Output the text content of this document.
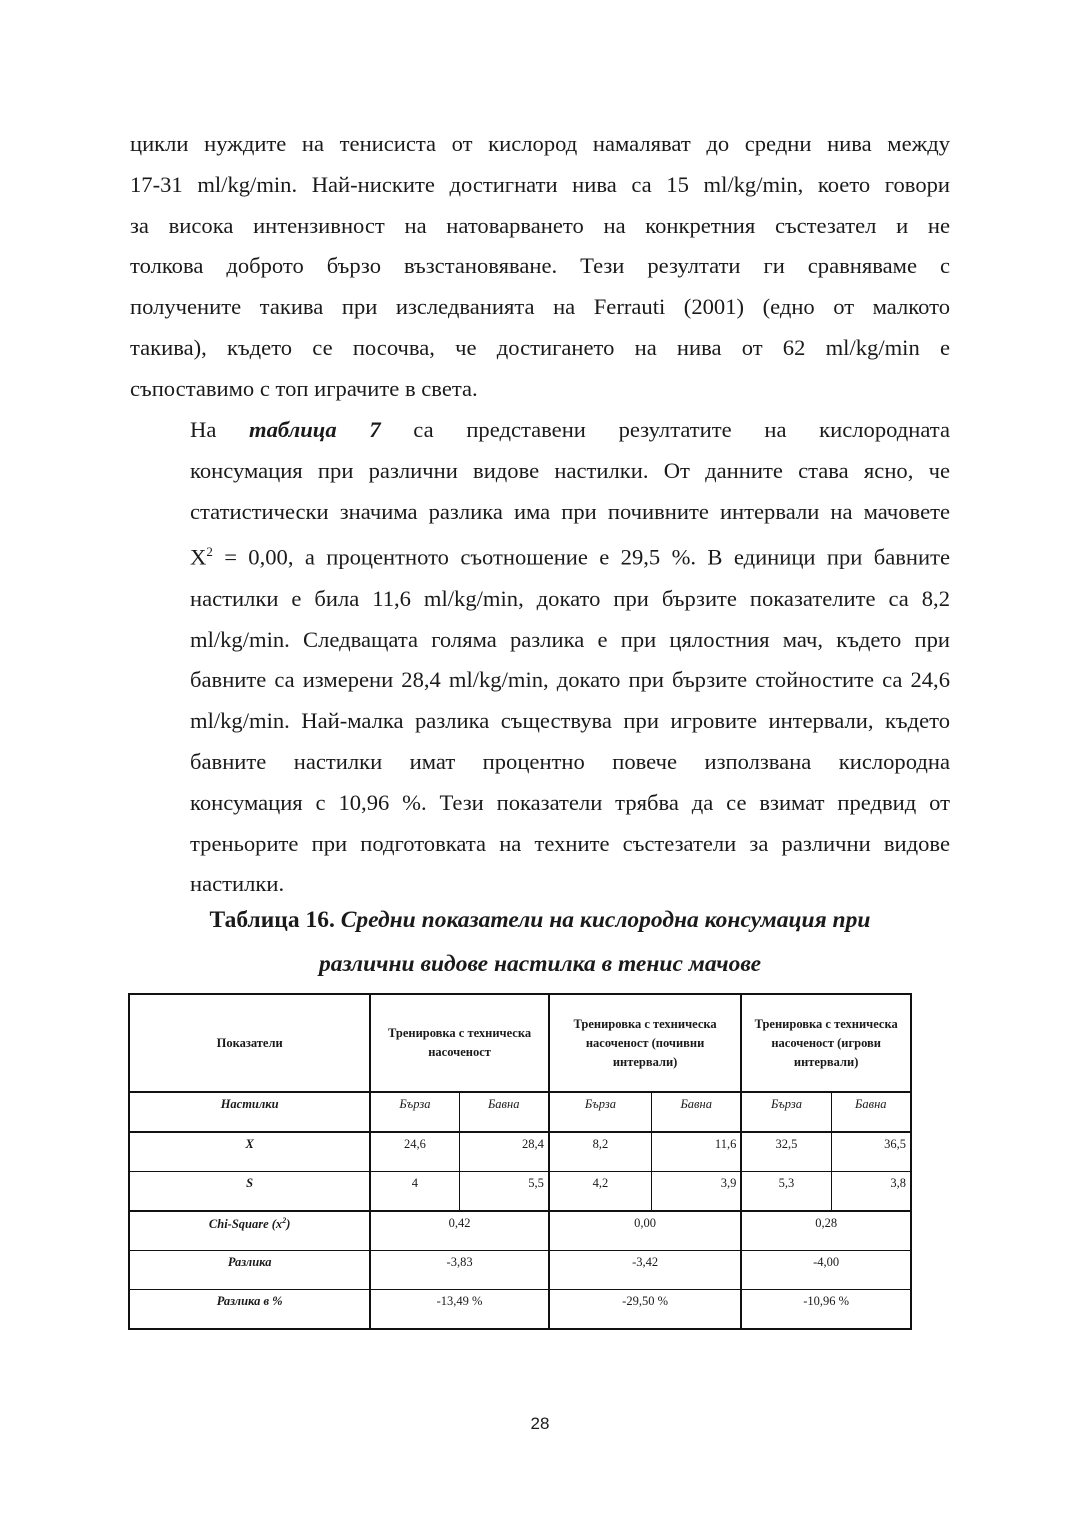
цикли нуждите на тенисиста от кислород намаляват до средни нива между
17-31 ml/kg/min. Най-ниските достигнати нива са 15 ml/kg/min, което говори
за висока интензивност на натоварването на конкретния състезател и не
толкова доброто бързо възстановяване. Тези резултати ги сравняваме с
получените такива при изследванията на Ferrauti (2001) (едно от малкото
такива), където се посочва, че достигането на нива от 62 ml/kg/min е
съпоставимо с топ играчите в света.
На таблица 7 са представени резултатите на кислородната
консумация при различни видове настилки. От данните става ясно, че
статистически значима разлика има при почивните интервали на мачовете
$X^2 = 0,00$, а процентното съотношение е 29,5 %. В единици при бавните
настилки е била 11,6 ml/kg/min, докато при бързите показателите са 8,2
ml/kg/min. Следващата голяма разлика е при цялостния мач, където при
бавните са измерени 28,4 ml/kg/min, докато при бързите стойностите са 24,6
ml/kg/min. Най-малка разлика съществува при игровите интервали, където
бавните настилки имат процентно повече използвана кислородна
консумация с 10,96 %. Тези показатели трябва да се взимат предвид от
треньорите при подготовката на техните състезатели за различни видове
настилки.
Таблица 16. Средни показатели на кислородна консумация при
различни видове настилка в тенис мачове
Показатели	Тренировка с техническа насоченост		Тренировка с техническа насоченост (почивни интервали)		Тренировка с техническа насоченост (игрови интервали)	
Настилки	Бърза	Бавна	Бърза	Бавна	Бърза	Бавна
X	24,6	28,4	8,2	11,6	32,5	36,5
S	4	5,5	4,2	3,9	5,3	3,8
Chi-Square $(x^2)$	0,42		0,00		0,28	
Разлика	-3,83		-3,42		-4,00	
Разлика в %	-13,49 %		-29,50 %		-10,96 %	
28
